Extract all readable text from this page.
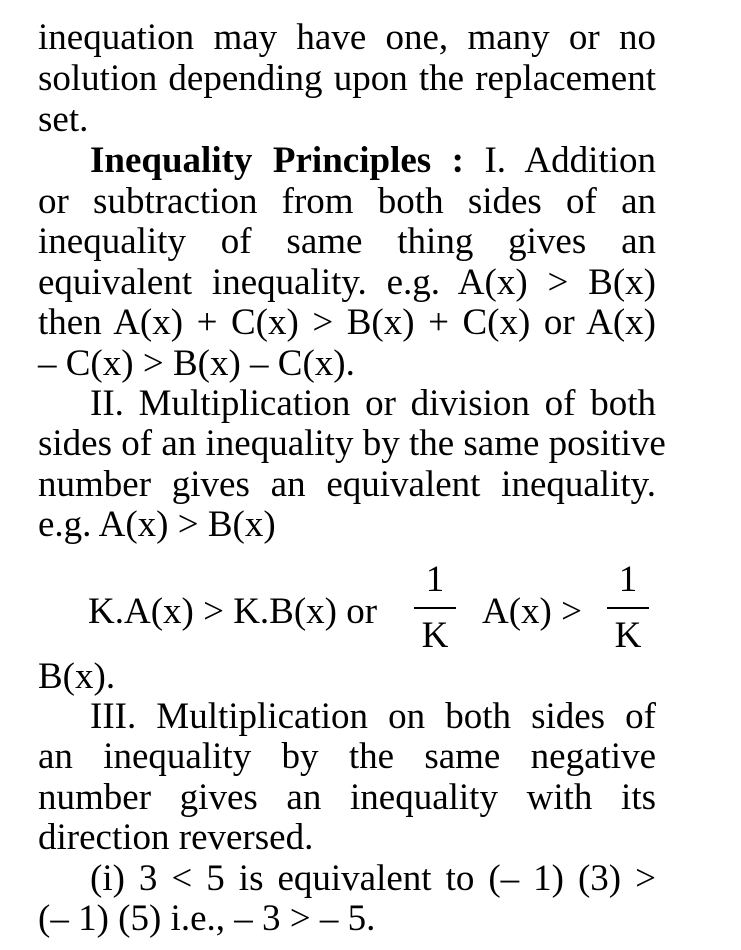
inequation may have one, many or no
solution depending upon the replacement
set.
Inequality Principles : I. Addition
or subtraction from both sides of an
inequality of same thing gives an
equivalent inequality. e.g. A(x) > B(x)
then A(x) + C(x) > B(x) + C(x) or A(x)
– C(x) > B(x) – C(x).
II. Multiplication or division of both
sides of an inequality by the same positive
number gives an equivalent inequality.
e.g. A(x) > B(x)
K.A(x) > K.B(x) or
1
K
A(x) >
1
K
B(x).
III. Multiplication on both sides of
an inequality by the same negative
number gives an inequality with its
direction reversed.
(i) 3 < 5 is equivalent to (– 1) (3) >
(– 1) (5) i.e., – 3 > – 5.
